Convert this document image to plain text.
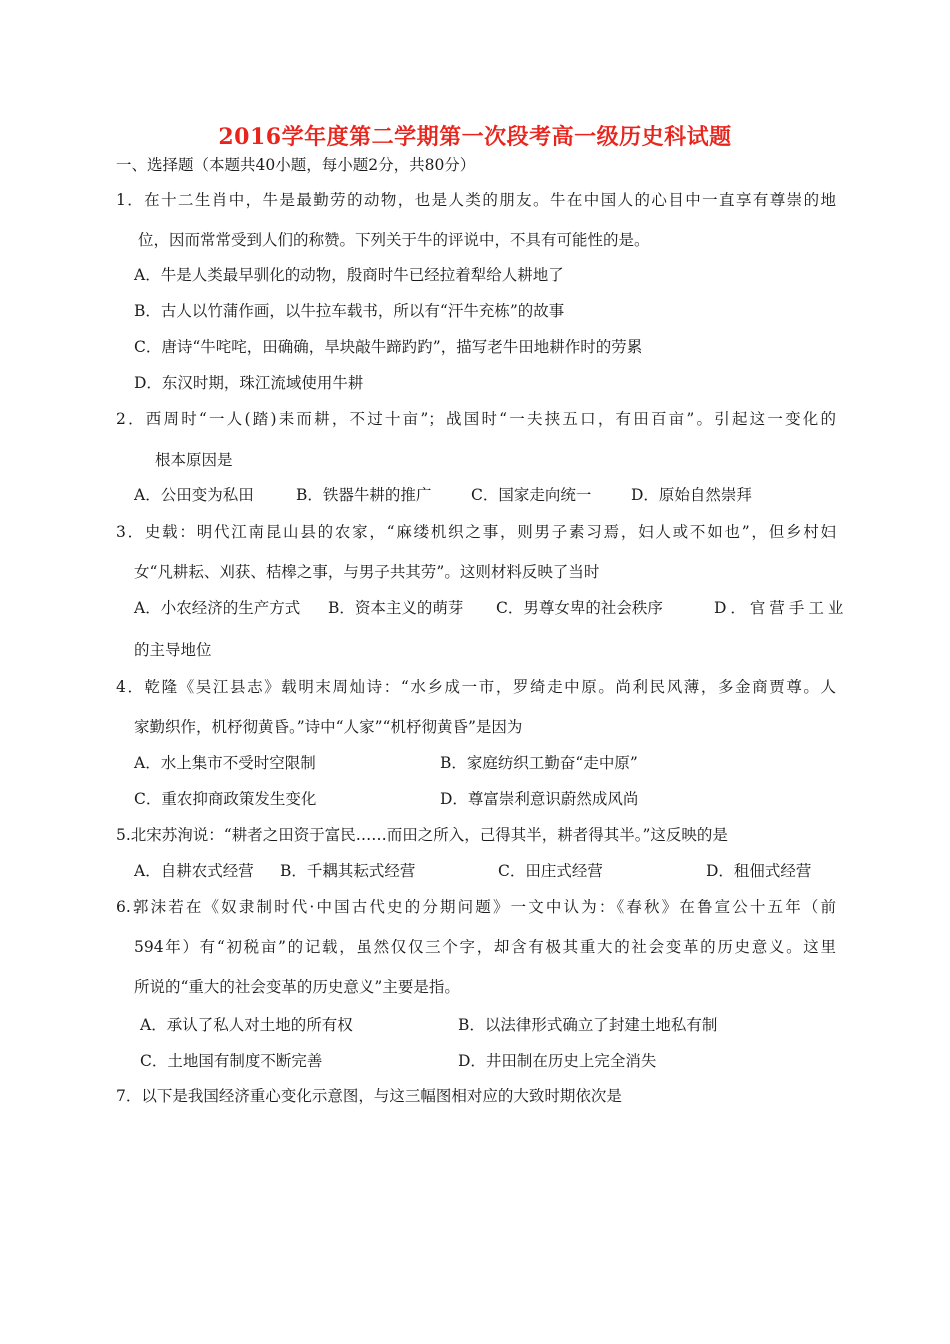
2016学年度第二学期第一次段考高一级历史科试题
一、选择题（本题共40小题，每小题2分，共80分）
1．在十二生肖中，牛是最勤劳的动物，也是人类的朋友。牛在中国人的心目中一直享有尊崇的地
位，因而常常受到人们的称赞。下列关于牛的评说中，不具有可能性的是。
A．牛是人类最早驯化的动物，殷商时牛已经拉着犁给人耕地了
B．古人以竹蒲作画，以牛拉车载书，所以有“汗牛充栋”的故事
C．唐诗“牛咤咤，田确确，旱块敲牛蹄趵趵”，描写老牛田地耕作时的劳累
D．东汉时期，珠江流域使用牛耕
2．西周时“一人(踏)耒而耕，不过十亩”；战国时“一夫挟五口，有田百亩”。引起这一变化的
根本原因是
A．公田变为私田	B．铁器牛耕的推广	C．国家走向统一	D．原始自然崇拜
3．史载：明代江南昆山县的农家，“麻缕机织之事，则男子素习焉，妇人或不如也”，但乡村妇
女“凡耕耘、刈获、桔槔之事，与男子共其劳”。这则材料反映了当时
A．小农经济的生产方式 B．资本主义的萌芽 C．男尊女卑的社会秩序	D．官营手工业
的主导地位
4．乾隆《吴江县志》载明末周灿诗：“水乡成一市，罗绮走中原。尚利民风薄，多金商贾尊。人
家勤织作，机杼彻黄昏。”诗中“人家”“机杼彻黄昏”是因为
A．水上集市不受时空限制	B．家庭纺织工勤奋“走中原”
C．重农抑商政策发生变化	D．尊富崇利意识蔚然成风尚
5.北宋苏洵说：“耕者之田资于富民……而田之所入，己得其半，耕者得其半。”这反映的是
A．自耕农式经营 B．千耦其耘式经营	C．田庄式经营	D．租佃式经营
6.郭沫若在《奴隶制时代·中国古代史的分期问题》一文中认为：《春秋》在鲁宣公十五年（前
594年）有“初税亩”的记载，虽然仅仅三个字，却含有极其重大的社会变革的历史意义。这里
所说的“重大的社会变革的历史意义”主要是指。
A．承认了私人对土地的所有权	B．以法律形式确立了封建土地私有制
C．土地国有制度不断完善	D．井田制在历史上完全消失
7．以下是我国经济重心变化示意图，与这三幅图相对应的大致时期依次是
